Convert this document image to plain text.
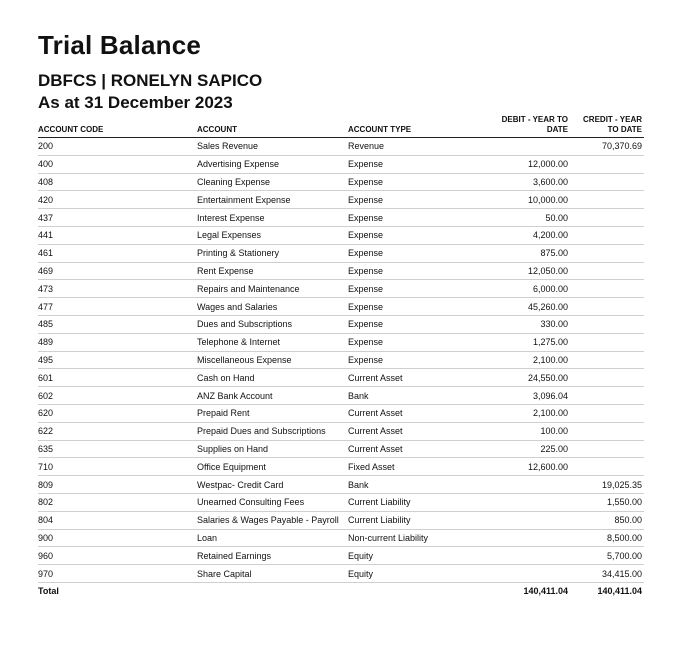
Trial Balance
DBFCS | RONELYN SAPICO
As at 31 December 2023
ACCOUNT CODE	ACCOUNT	ACCOUNT TYPE	DEBIT - YEAR TO DATE	CREDIT - YEAR TO DATE
200	Sales Revenue	Revenue		70,370.69
400	Advertising Expense	Expense	12,000.00	
408	Cleaning Expense	Expense	3,600.00	
420	Entertainment Expense	Expense	10,000.00	
437	Interest Expense	Expense	50.00	
441	Legal Expenses	Expense	4,200.00	
461	Printing & Stationery	Expense	875.00	
469	Rent Expense	Expense	12,050.00	
473	Repairs and Maintenance	Expense	6,000.00	
477	Wages and Salaries	Expense	45,260.00	
485	Dues and Subscriptions	Expense	330.00	
489	Telephone & Internet	Expense	1,275.00	
495	Miscellaneous Expense	Expense	2,100.00	
601	Cash on Hand	Current Asset	24,550.00	
602	ANZ Bank Account	Bank	3,096.04	
620	Prepaid Rent	Current Asset	2,100.00	
622	Prepaid Dues and Subscriptions	Current Asset	100.00	
635	Supplies on Hand	Current Asset	225.00	
710	Office Equipment	Fixed Asset	12,600.00	
809	Westpac- Credit Card	Bank		19,025.35
802	Unearned Consulting Fees	Current Liability		1,550.00
804	Salaries & Wages Payable - Payroll	Current Liability		850.00
900	Loan	Non-current Liability		8,500.00
960	Retained Earnings	Equity		5,700.00
970	Share Capital	Equity		34,415.00
Total			140,411.04	140,411.04
